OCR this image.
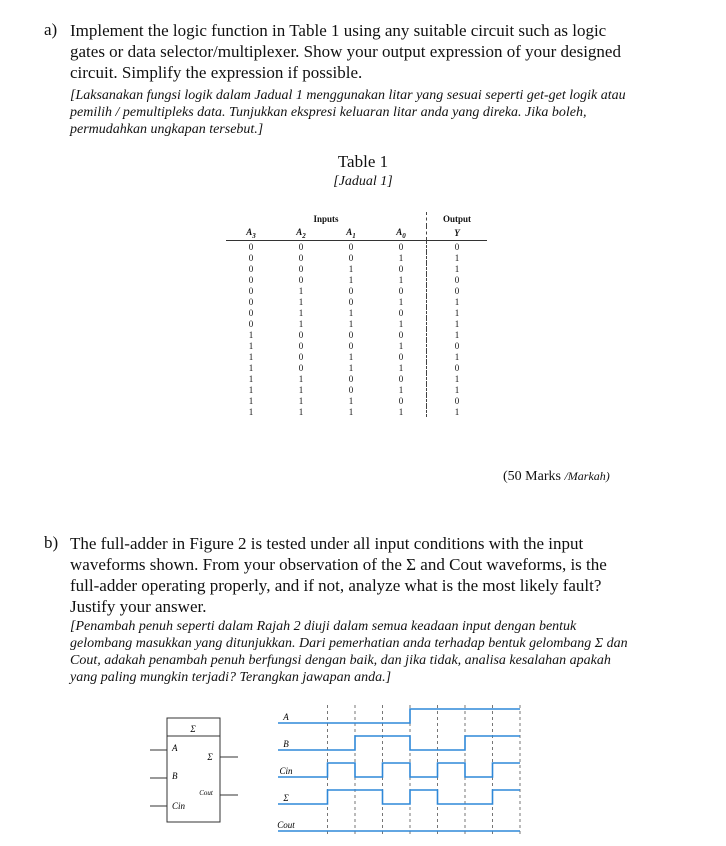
a) Implement the logic function in Table 1 using any suitable circuit such as logic gates or data selector/multiplexer. Show your output expression of your designed circuit. Simplify the expression if possible.
[Laksanakan fungsi logik dalam Jadual 1 menggunakan litar yang sesuai seperti get-get logik atau pemilih / pemultipleks data. Tunjukkan ekspresi keluaran litar anda yang direka. Jika boleh, permudahkan ungkapan tersebut.]
Table 1
[Jadual 1]
Inputs				Output
$A_3$	$A_2$	$A_1$	$A_0$	Y
0	0	0	0	0
0	0	0	1	1
0	0	1	0	1
0	0	1	1	0
0	1	0	0	0
0	1	0	1	1
0	1	1	0	1
0	1	1	1	1
1	0	0	0	1
1	0	0	1	0
1	0	1	0	1
1	0	1	1	0
1	1	0	0	1
1	1	0	1	1
1	1	1	0	0
1	1	1	1	1
(50 Marks /Markah)
b) The full-adder in Figure 2 is tested under all input conditions with the input waveforms shown. From your observation of the Σ and Cout waveforms, is the full-adder operating properly, and if not, analyze what is the most likely fault? Justify your answer.
[Penambah penuh seperti dalam Rajah 2 diuji dalam semua keadaan input dengan bentuk gelombang masukkan yang ditunjukkan. Dari pemerhatian anda terhadap bentuk gelombang Σ dan Cout, adakah penambah penuh berfungsi dengan baik, dan jika tidak, analisa kesalahan apakah yang paling mungkin terjadi? Terangkan jawapan anda.]
Σ
A
B
Cin
Σ
Cout
A
B
Cin
Σ
Cout
